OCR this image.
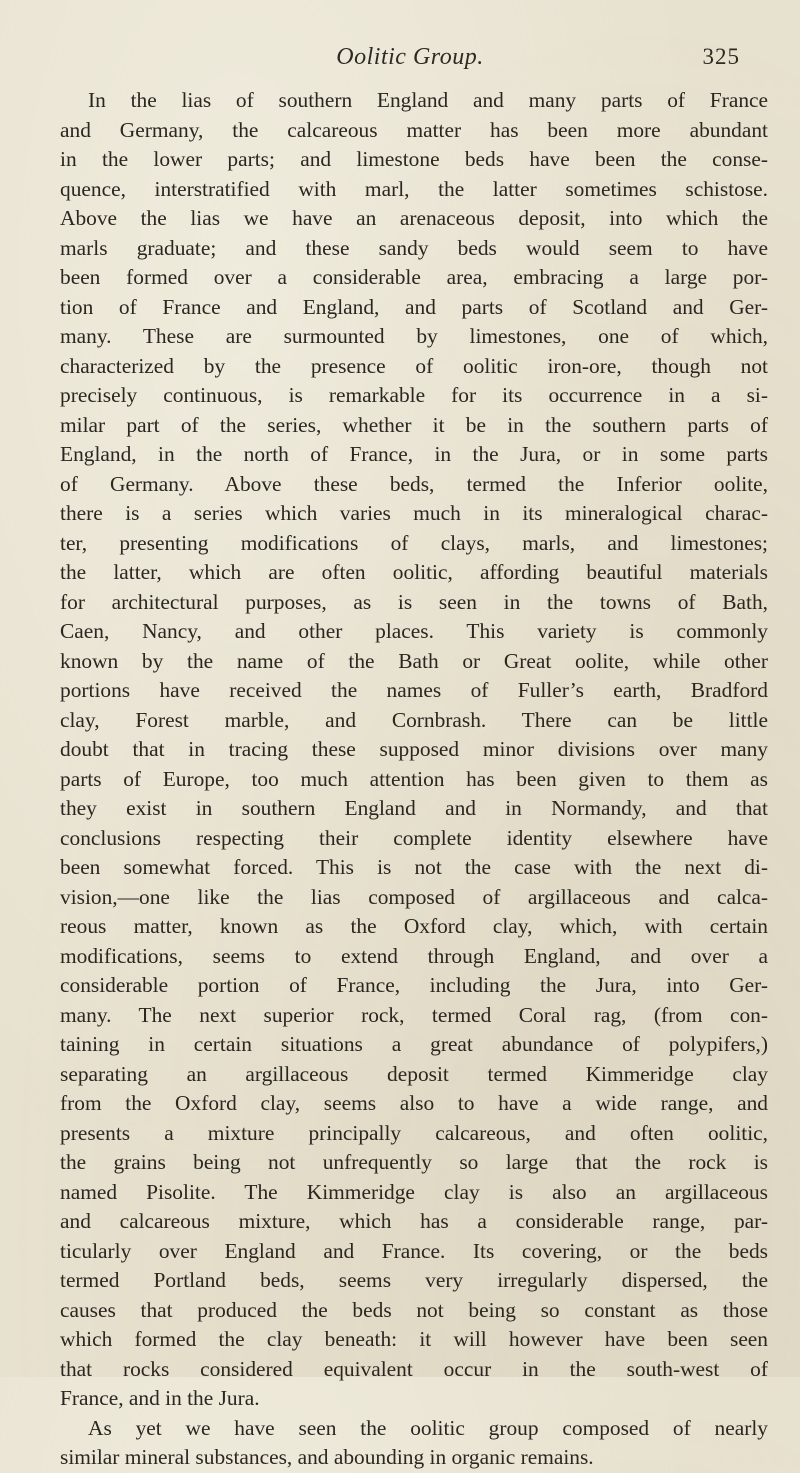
Oolitic Group.	325
In the lias of southern England and many parts of France
and Germany, the calcareous matter has been more abundant
in the lower parts; and limestone beds have been the conse-
quence, interstratified with marl, the latter sometimes schistose.
Above the lias we have an arenaceous deposit, into which the
marls graduate; and these sandy beds would seem to have
been formed over a considerable area, embracing a large por-
tion of France and England, and parts of Scotland and Ger-
many. These are surmounted by limestones, one of which,
characterized by the presence of oolitic iron-ore, though not
precisely continuous, is remarkable for its occurrence in a si-
milar part of the series, whether it be in the southern parts of
England, in the north of France, in the Jura, or in some parts
of Germany. Above these beds, termed the Inferior oolite,
there is a series which varies much in its mineralogical charac-
ter, presenting modifications of clays, marls, and limestones;
the latter, which are often oolitic, affording beautiful materials
for architectural purposes, as is seen in the towns of Bath,
Caen, Nancy, and other places. This variety is commonly
known by the name of the Bath or Great oolite, while other
portions have received the names of Fuller’s earth, Bradford
clay, Forest marble, and Cornbrash. There can be little
doubt that in tracing these supposed minor divisions over many
parts of Europe, too much attention has been given to them as
they exist in southern England and in Normandy, and that
conclusions respecting their complete identity elsewhere have
been somewhat forced. This is not the case with the next di-
vision,—one like the lias composed of argillaceous and calca-
reous matter, known as the Oxford clay, which, with certain
modifications, seems to extend through England, and over a
considerable portion of France, including the Jura, into Ger-
many. The next superior rock, termed Coral rag, (from con-
taining in certain situations a great abundance of polypifers,)
separating an argillaceous deposit termed Kimmeridge clay
from the Oxford clay, seems also to have a wide range, and
presents a mixture principally calcareous, and often oolitic,
the grains being not unfrequently so large that the rock is
named Pisolite. The Kimmeridge clay is also an argillaceous
and calcareous mixture, which has a considerable range, par-
ticularly over England and France. Its covering, or the beds
termed Portland beds, seems very irregularly dispersed, the
causes that produced the beds not being so constant as those
which formed the clay beneath: it will however have been seen
that rocks considered equivalent occur in the south-west of
France, and in the Jura.
As yet we have seen the oolitic group composed of nearly
similar mineral substances, and abounding in organic remains.
